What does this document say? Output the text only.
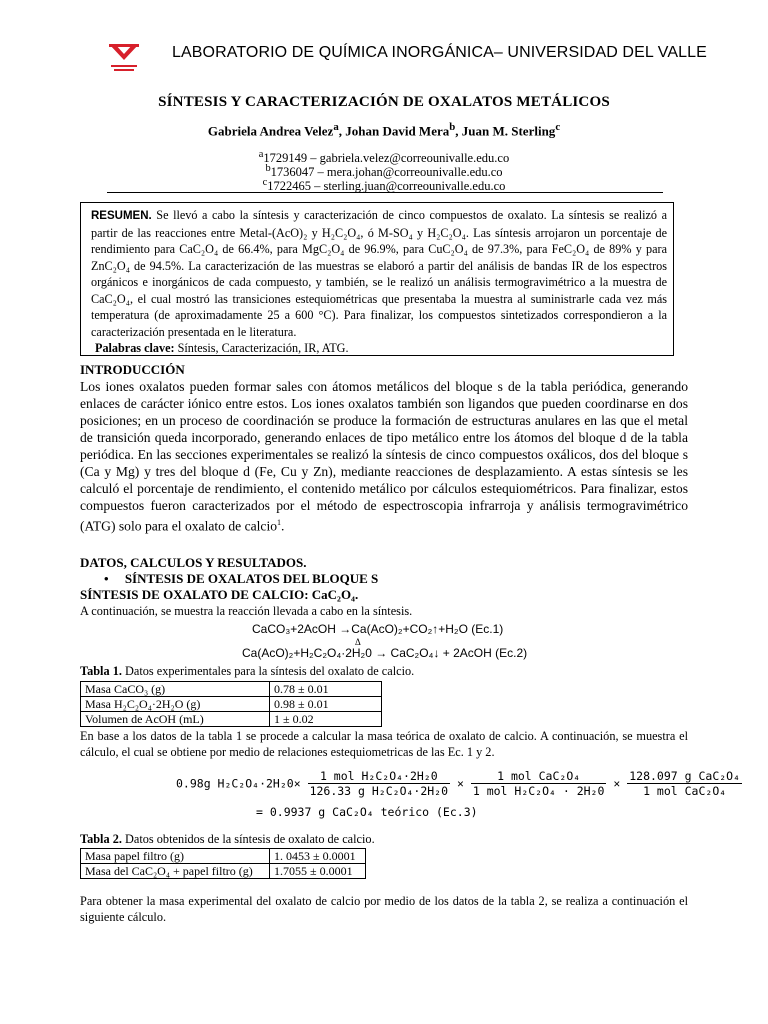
LABORATORIO DE QUÍMICA INORGÁNICA– UNIVERSIDAD DEL VALLE
SÍNTESIS Y CARACTERIZACIÓN DE OXALATOS METÁLICOS
Gabriela Andrea Velez$^a$, Johan David Mera$^b$, Juan M. Sterling$^c$
$^a$1729149 – gabriela.velez@correounivalle.edu.co
$^b$1736047 – mera.johan@correounivalle.edu.co
$^c$1722465 – sterling.juan@correounivalle.edu.co
RESUMEN. Se llevó a cabo la síntesis y caracterización de cinco compuestos de oxalato. La síntesis se realizó a partir de las reacciones entre Metal-(AcO)₂ y H₂C₂O₄, ó M-SO₄ y H₂C₂O₄. Las síntesis arrojaron un porcentaje de rendimiento para CaC₂O₄ de 66.4%, para MgC₂O₄ de 96.9%, para CuC₂O₄ de 97.3%, para FeC₂O₄ de 89% y para ZnC₂O₄ de 94.5%. La caracterización de las muestras se elaboró a partir del análisis de bandas IR de los espectros orgánicos e inorgánicos de cada compuesto, y también, se le realizó un análisis termogravimétrico a la muestra de CaC₂O₄, el cual mostró las transiciones estequiométricas que presentaba la muestra al suministrarle cada vez más temperatura (de aproximadamente 25 a 600 °C). Para finalizar, los compuestos sintetizados correspondieron a la caracterización presentada en le literatura.
Palabras clave: Síntesis, Caracterización, IR, ATG.
INTRODUCCIÓN
Los iones oxalatos pueden formar sales con átomos metálicos del bloque s de la tabla periódica, generando enlaces de carácter iónico entre estos. Los iones oxalatos también son ligandos que pueden coordinarse en dos posiciones; en un proceso de coordinación se produce la formación de estructuras anulares en las que el metal de transición queda incorporado, generando enlaces de tipo metálico entre los átomos del bloque d de la tabla periódica. En las secciones experimentales se realizó la síntesis de cinco compuestos oxálicos, dos del bloque s (Ca y Mg) y tres del bloque d (Fe, Cu y Zn), mediante reacciones de desplazamiento. A estas síntesis se les calculó el porcentaje de rendimiento, el contenido metálico por cálculos estequiométricos. Para finalizar, estos compuestos fueron caracterizados por el método de espectroscopia infrarroja y análisis termogravimétrico (ATG) solo para el oxalato de calcio$^1$.
DATOS, CALCULOS Y RESULTADOS.
•     SÍNTESIS DE OXALATOS DEL BLOQUE S
SÍNTESIS DE OXALATO DE CALCIO: CaC₂O₄.
A continuación, se muestra la reacción llevada a cabo en la síntesis.
CaCO₃+2AcOH →Ca(AcO)₂+CO₂↑+H₂O (Ec.1)
Δ
Ca(AcO)₂+H₂C₂O₄·2H₂0 → CaC₂O₄↓ + 2AcOH (Ec.2)
Tabla 1. Datos experimentales para la síntesis del oxalato de calcio.
Masa CaCO₃ (g)	0.78 ± 0.01
Masa H₂C₂O₄·2H₂O (g)	0.98 ± 0.01
Volumen de AcOH (mL)	1 ± 0.02
En base a los datos de la tabla 1 se procede a calcular la masa teórica de oxalato de calcio. A continuación, se muestra el cálculo, el cual se obtiene por medio de relaciones estequiometricas de las Ec. 1 y 2.
0.98g $H_2C_2O_4\cdot 2H_20\times \frac{\text{1 mol H₂C₂O₄·2H₂0}}{\text{126.33 g H₂C₂O₄·2H₂0}} \times \frac{\text{1 mol CaC₂O₄}}{\text{1 mol H₂C₂O₄ · 2H₂0}} \times \frac{\text{128.097 g CaC₂O₄}}{\text{1 mol CaC₂O₄}}$
= 0.9937 g CaC₂O₄ teórico (Ec.3)
Tabla 2. Datos obtenidos de la síntesis de oxalato de calcio.
Masa papel filtro (g)	1. 0453 ± 0.0001
Masa del CaC₂O₄ + papel filtro (g)	1.7055 ± 0.0001
Para obtener la masa experimental del oxalato de calcio por medio de los datos de la tabla 2, se realiza a continuación el siguiente cálculo.
